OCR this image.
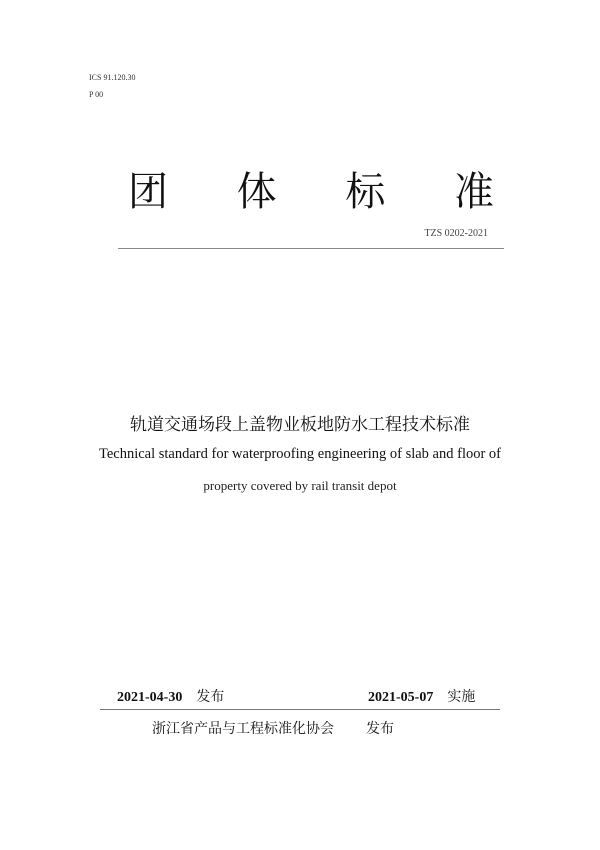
ICS 91.120.30
P 00
团 体 标 准
TZS 0202-2021
轨道交通场段上盖物业板地防水工程技术标准
Technical standard for waterproofing engineering of slab and floor of
property covered by rail transit depot
2021-04-30 发布	2021-05-07 实施
浙江省产品与工程标准化协会 发布
